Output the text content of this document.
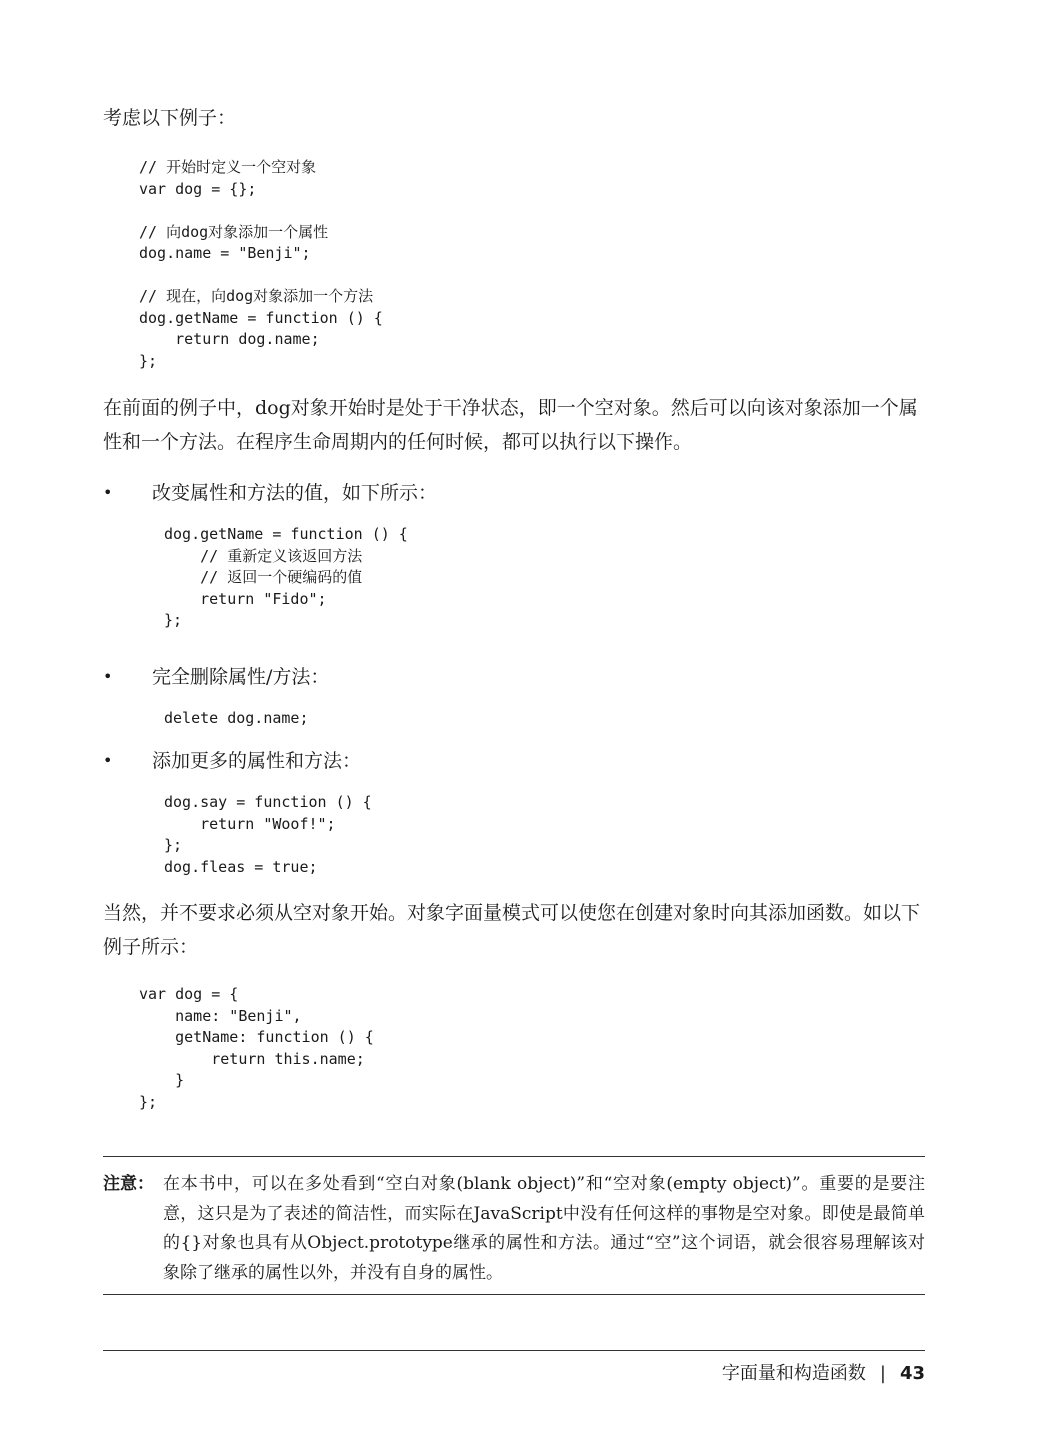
考虑以下例子：

// 开始时定义一个空对象
var dog = {};

// 向dog对象添加一个属性
dog.name = "Benji";

// 现在，向dog对象添加一个方法
dog.getName = function () {
return dog.name;
};

在前面的例子中，dog对象开始时是处于干净状态，即一个空对象。然后可以向该对象添加一个属性和一个方法。在程序生命周期内的任何时候，都可以执行以下操作。

• 改变属性和方法的值，如下所示：
dog.getName = function () {
// 重新定义该返回方法
// 返回一个硬编码的值
return "Fido";
};
• 完全删除属性/方法：
delete dog.name;
• 添加更多的属性和方法：
dog.say = function () {
return "Woof!";
};
dog.fleas = true;

当然，并不要求必须从空对象开始。对象字面量模式可以使您在创建对象时向其添加函数。如以下例子所示：

var dog = {
name: "Benji",
getName: function () {
return this.name;
}
};
注意： 在本书中，可以在多处看到“空白对象(blank object)”和“空对象(empty object)”。重要的是要注意，这只是为了表述的简洁性，而实际在JavaScript中没有任何这样的事物是空对象。即使是最简单的{}对象也具有从Object.prototype继承的属性和方法。通过“空”这个词语，就会很容易理解该对象除了继承的属性以外，并没有自身的属性。
字面量和构造函数 | 43
